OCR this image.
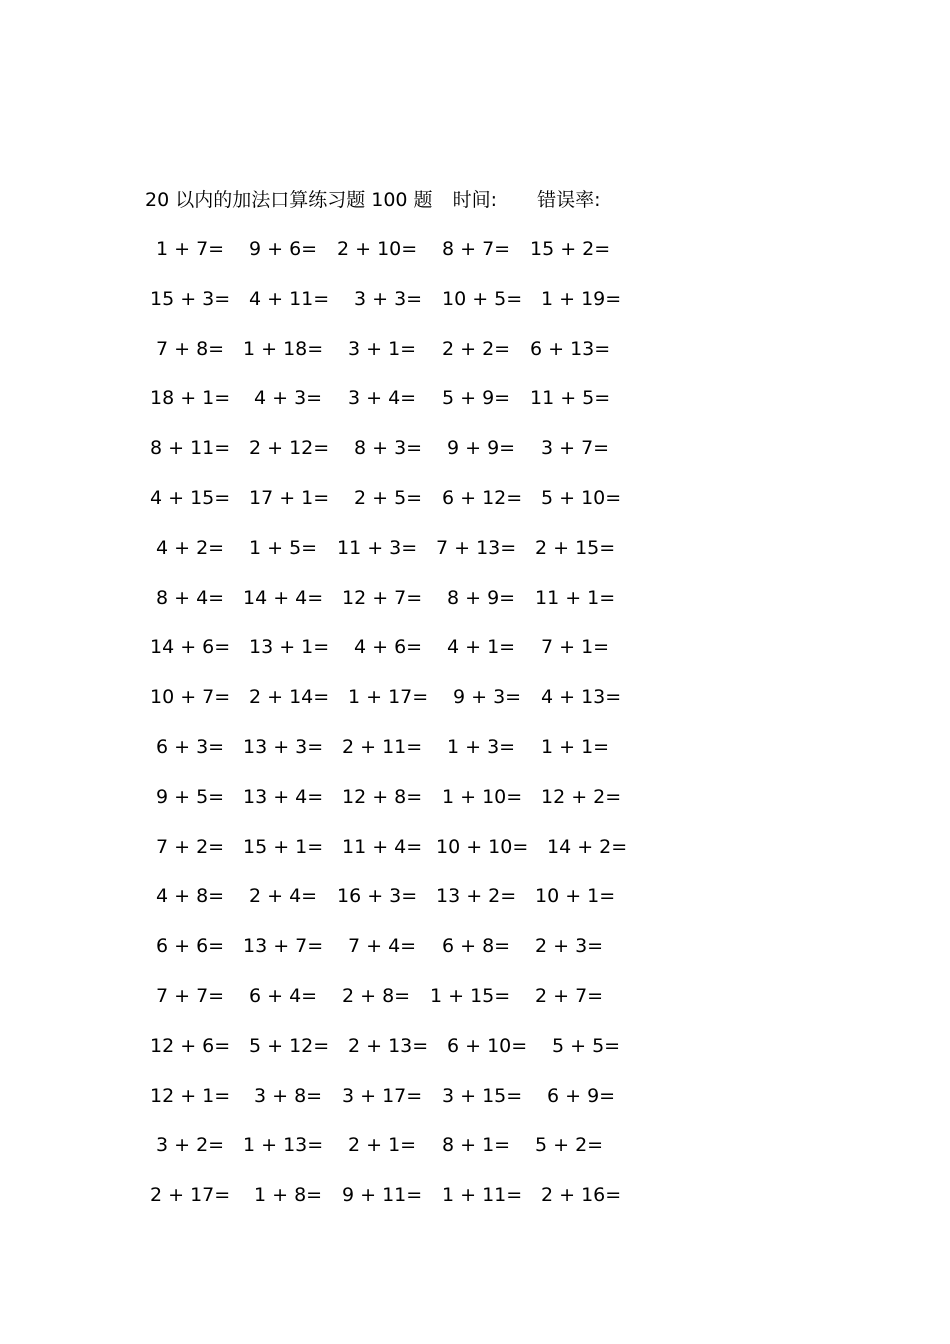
20 以内的加法口算练习题 100 题 时间: 错误率:
1 + 7= 9 + 6= 2 + 10= 8 + 7= 15 + 2=
15 + 3= 4 + 11= 3 + 3= 10 + 5= 1 + 19=
7 + 8= 1 + 18= 3 + 1= 2 + 2= 6 + 13=
18 + 1= 4 + 3= 3 + 4= 5 + 9= 11 + 5=
8 + 11= 2 + 12= 8 + 3= 9 + 9= 3 + 7=
4 + 15= 17 + 1= 2 + 5= 6 + 12= 5 + 10=
4 + 2= 1 + 5= 11 + 3= 7 + 13= 2 + 15=
8 + 4= 14 + 4= 12 + 7= 8 + 9= 11 + 1=
14 + 6= 13 + 1= 4 + 6= 4 + 1= 7 + 1=
10 + 7= 2 + 14= 1 + 17= 9 + 3= 4 + 13=
6 + 3= 13 + 3= 2 + 11= 1 + 3= 1 + 1=
9 + 5= 13 + 4= 12 + 8= 1 + 10= 12 + 2=
7 + 2= 15 + 1= 11 + 4= 10 + 10= 14 + 2=
4 + 8= 2 + 4= 16 + 3= 13 + 2= 10 + 1=
6 + 6= 13 + 7= 7 + 4= 6 + 8= 2 + 3=
7 + 7= 6 + 4= 2 + 8= 1 + 15= 2 + 7=
12 + 6= 5 + 12= 2 + 13= 6 + 10= 5 + 5=
12 + 1= 3 + 8= 3 + 17= 3 + 15= 6 + 9=
3 + 2= 1 + 13= 2 + 1= 8 + 1= 5 + 2=
2 + 17= 1 + 8= 9 + 11= 1 + 11= 2 + 16=
